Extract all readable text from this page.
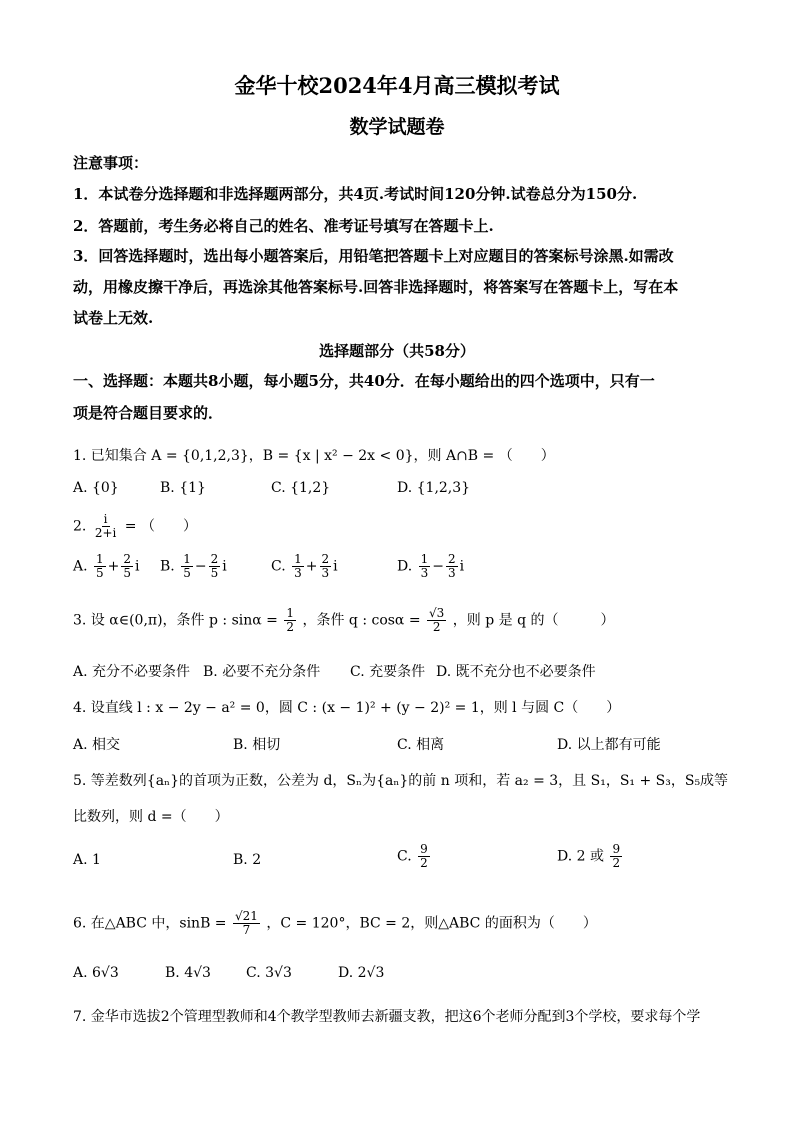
金华十校2024年4月高三模拟考试
数学试题卷
注意事项：
1．本试卷分选择题和非选择题两部分，共4页.考试时间120分钟.试卷总分为150分.
2．答题前，考生务必将自己的姓名、准考证号填写在答题卡上.
3．回答选择题时，选出每小题答案后，用铅笔把答题卡上对应题目的答案标号涂黑.如需改
动，用橡皮擦干净后，再选涂其他答案标号.回答非选择题时，将答案写在答题卡上，写在本
试卷上无效.
选择题部分（共58分）
一、选择题：本题共8小题，每小题5分，共40分．在每小题给出的四个选项中，只有一
项是符合题目要求的．
1. 已知集合 A = {0,1,2,3}，B = {x | x² − 2x < 0}，则 A∩B = （　　）
A. {0}	B. {1}	C. {1,2}	D. {1,2,3}
2. $\frac{i}{2+i}$ = （　　）
A. $\frac{1}{5} + \frac{2}{5}$ i B. $\frac{1}{5} - \frac{2}{5}$ i	C. $\frac{1}{3} + \frac{2}{3}$ i	D. $\frac{1}{3} - \frac{2}{3}$ i
3. 设 α∈(0,π)，条件 p : $\sin\alpha = \frac{1}{2}$ ，条件 q : $\cos\alpha = \frac{√3}{2}$ ，则 p 是 q 的（　　　）
A. 充分不必要条件 B. 必要不充分条件 C. 充要条件 D. 既不充分也不必要条件
4. 设直线 l : x − 2y − a² = 0，圆 C : (x − 1)² + (y − 2)² = 1，则 l 与圆 C（　　）
A. 相交	B. 相切	C. 相离	D. 以上都有可能
5. 等差数列{aₙ}的首项为正数，公差为 d，Sₙ为{aₙ}的前 n 项和，若 a₂ = 3，且 S₁，S₁ + S₃，S₅成等
比数列，则 d =（　　）
A. 1	B. 2	C. $\frac{9}{2}$	D. 2 或 $\frac{9}{2}$
6. 在△ABC 中，$\sin B = \frac{√21}{7}$ ，C = 120°，BC = 2，则△ABC 的面积为（　　）
A. 6√3	B. 4√3	C. 3√3	D. 2√3
7. 金华市选拔2个管理型教师和4个教学型教师去新疆支教，把这6个老师分配到3个学校，要求每个学
